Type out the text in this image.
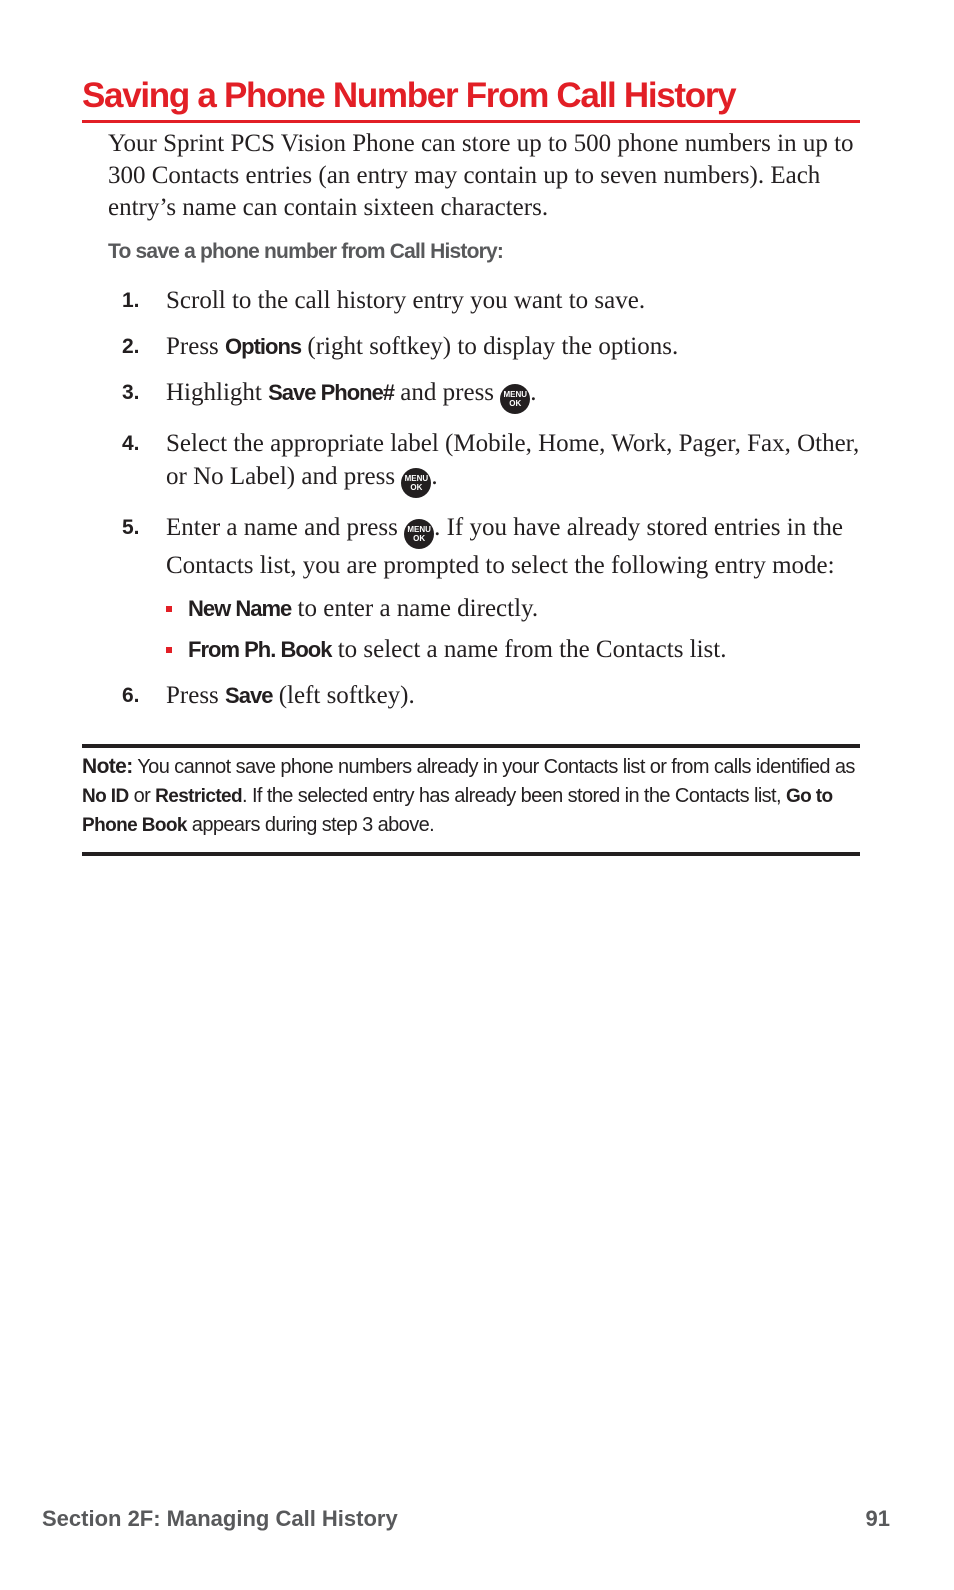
Saving a Phone Number From Call History

Your Sprint PCS Vision Phone can store up to 500 phone numbers in up to 300 Contacts entries (an entry may contain up to seven numbers). Each entry’s name can contain sixteen characters.

To save a phone number from Call History:

1. Scroll to the call history entry you want to save.
2. Press Options (right softkey) to display the options.
3. Highlight Save Phone# and press MENU
OK .
4. Select the appropriate label (Mobile, Home, Work, Pager, Fax, Other, or No Label) and press MENU
OK .
5. Enter a name and press MENU
OK . If you have already stored entries in the Contacts list, you are prompted to select the following entry mode:
New Name to enter a name directly.
From Ph. Book to select a name from the Contacts list.
6. Press Save (left softkey).
Note: You cannot save phone numbers already in your Contacts list or from calls identified as No ID or Restricted. If the selected entry has already been stored in the Contacts list, Go to Phone Book appears during step 3 above.
Section 2F: Managing Call History	91
